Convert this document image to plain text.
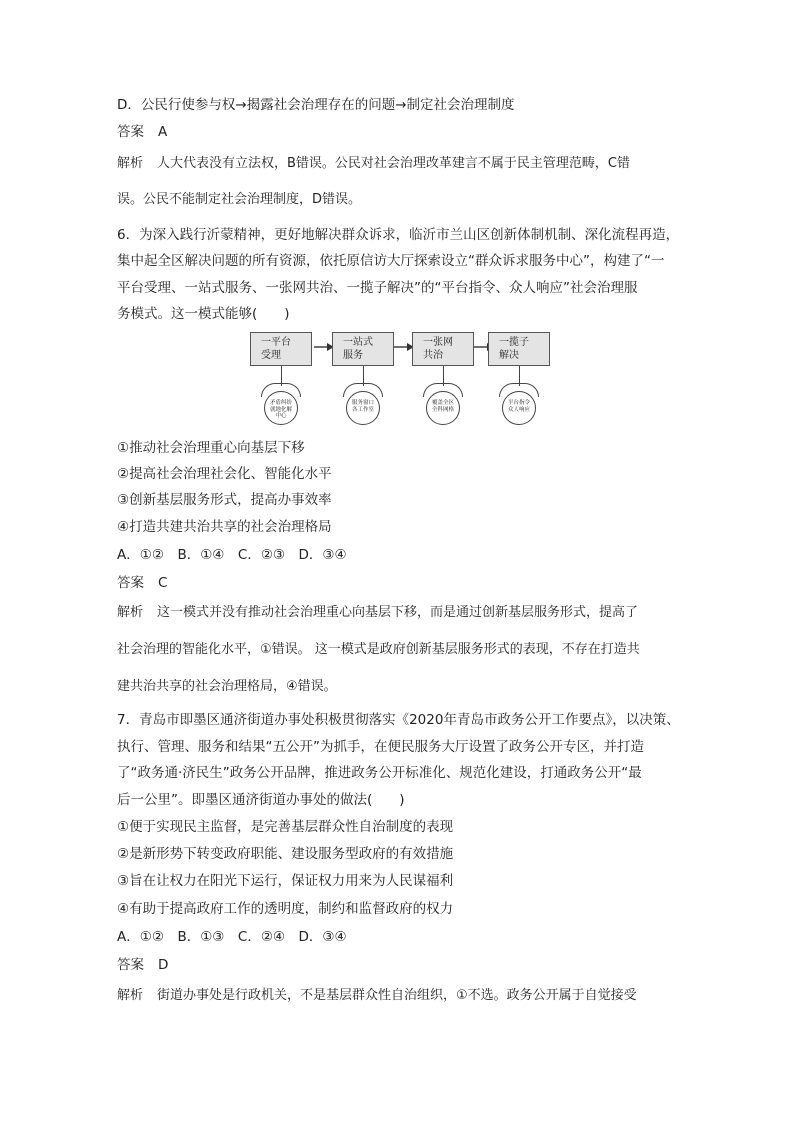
D．公民行使参与权→揭露社会治理存在的问题→制定社会治理制度
答案 A
解析 人大代表没有立法权，B错误。公民对社会治理改革建言不属于民主管理范畴，C错
误。公民不能制定社会治理制度，D错误。
6．为深入践行沂蒙精神，更好地解决群众诉求，临沂市兰山区创新体制机制、深化流程再造，
集中起全区解决问题的所有资源，依托原信访大厅探索设立“群众诉求服务中心”，构建了“一
平台受理、一站式服务、一张网共治、一揽子解决”的“平台指令、众人响应”社会治理服
务模式。这一模式能够(　　)
一平台
受理
一站式
服务
一张网
共治
一揽子
解决
矛盾纠纷
就地化解
中心
服务窗口
各工作室
覆盖全区
全科网格
平台指令
众人响应
①推动社会治理重心向基层下移
②提高社会治理社会化、智能化水平
③创新基层服务形式，提高办事效率
④打造共建共治共享的社会治理格局
A．①②　B．①④　C．②③　D．③④
答案 C
解析 这一模式并没有推动社会治理重心向基层下移，而是通过创新基层服务形式，提高了
社会治理的智能化水平，①错误。 这一模式是政府创新基层服务形式的表现，不存在打造共
建共治共享的社会治理格局，④错误。
7．青岛市即墨区通济街道办事处积极贯彻落实《2020年青岛市政务公开工作要点》，以决策、
执行、管理、服务和结果“五公开”为抓手，在便民服务大厅设置了政务公开专区，并打造
了“政务通·济民生”政务公开品牌，推进政务公开标准化、规范化建设，打通政务公开“最
后一公里”。即墨区通济街道办事处的做法(　　)
①便于实现民主监督，是完善基层群众性自治制度的表现
②是新形势下转变政府职能、建设服务型政府的有效措施
③旨在让权力在阳光下运行，保证权力用来为人民谋福利
④有助于提高政府工作的透明度，制约和监督政府的权力
A．①②　B．①③　C．②④　D．③④
答案 D
解析 街道办事处是行政机关，不是基层群众性自治组织，①不选。政务公开属于自觉接受
